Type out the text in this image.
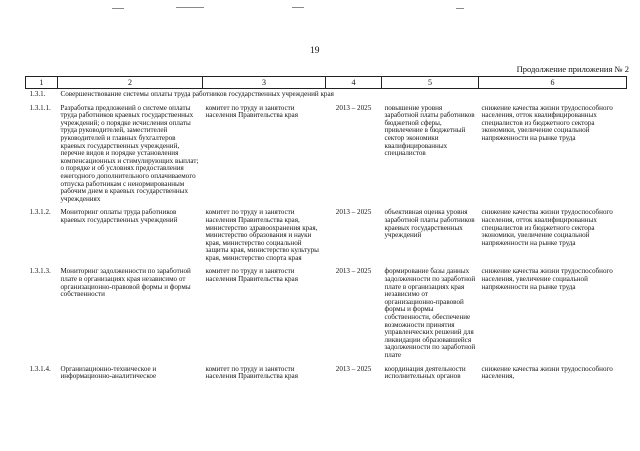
19
Продолжение приложения № 2
1	2	3	4	5	6
1.3.1.	Совершенствование системы оплаты труда работников государственных учреждений края				
1.3.1.1.	Разработка предложений о системе оплаты труда работников краевых государственных учреждений; о порядке исчисления оплаты труда руководителей, заместителей руководителей и главных бухгалтеров краевых государственных учреждений, перечне видов и порядке установления компенсационных и стимулирующих выплат; о порядке и об условиях предоставления ежегодного дополнительного оплачиваемого отпуска работникам с ненормированным рабочим днем в краевых государственных учреждениях	комитет по труду и занятости населения Правительства края	2013 – 2025	повышение уровня заработной платы работников бюджетной сферы, привлечение в бюджетный сектор экономики квалифицированных специалистов	снижение качества жизни трудоспособного населения, отток квалифицированных специалистов из бюджетного сектора экономики, увеличение социальной напряженности на рынке труда
1.3.1.2.	Мониторинг оплаты труда работников краевых государственных учреждений	комитет по труду и занятости населения Правительства края, министерство здравоохранения края, министерство образования и науки края, министерство социальной защиты края, министерство культуры края, министерство спорта края	2013 – 2025	объективная оценка уровня заработной платы работников краевых государственных учреждений	снижение качества жизни трудоспособного населения, отток квалифицированных специалистов из бюджетного сектора экономики, увеличение социальной напряженности на рынке труда
1.3.1.3.	Мониторинг задолженности по заработной плате в организациях края независимо от организационно-правовой формы и формы собственности	комитет по труду и занятости населения Правительства края	2013 – 2025	формирование базы данных задолженности по заработной плате в организациях края независимо от организационно-правовой формы и формы собственности, обеспечение возможности принятия управленческих решений для ликвидации образовавшейся задолженности по заработной плате	снижение качества жизни трудоспособного населения, увеличение социальной напряженности на рынке труда
1.3.1.4.	Организационно-техническое и информационно-аналитическое	комитет по труду и занятости населения Правительства края	2013 – 2025	координация деятельности исполнительных органов	снижение качества жизни трудоспособного населения,
